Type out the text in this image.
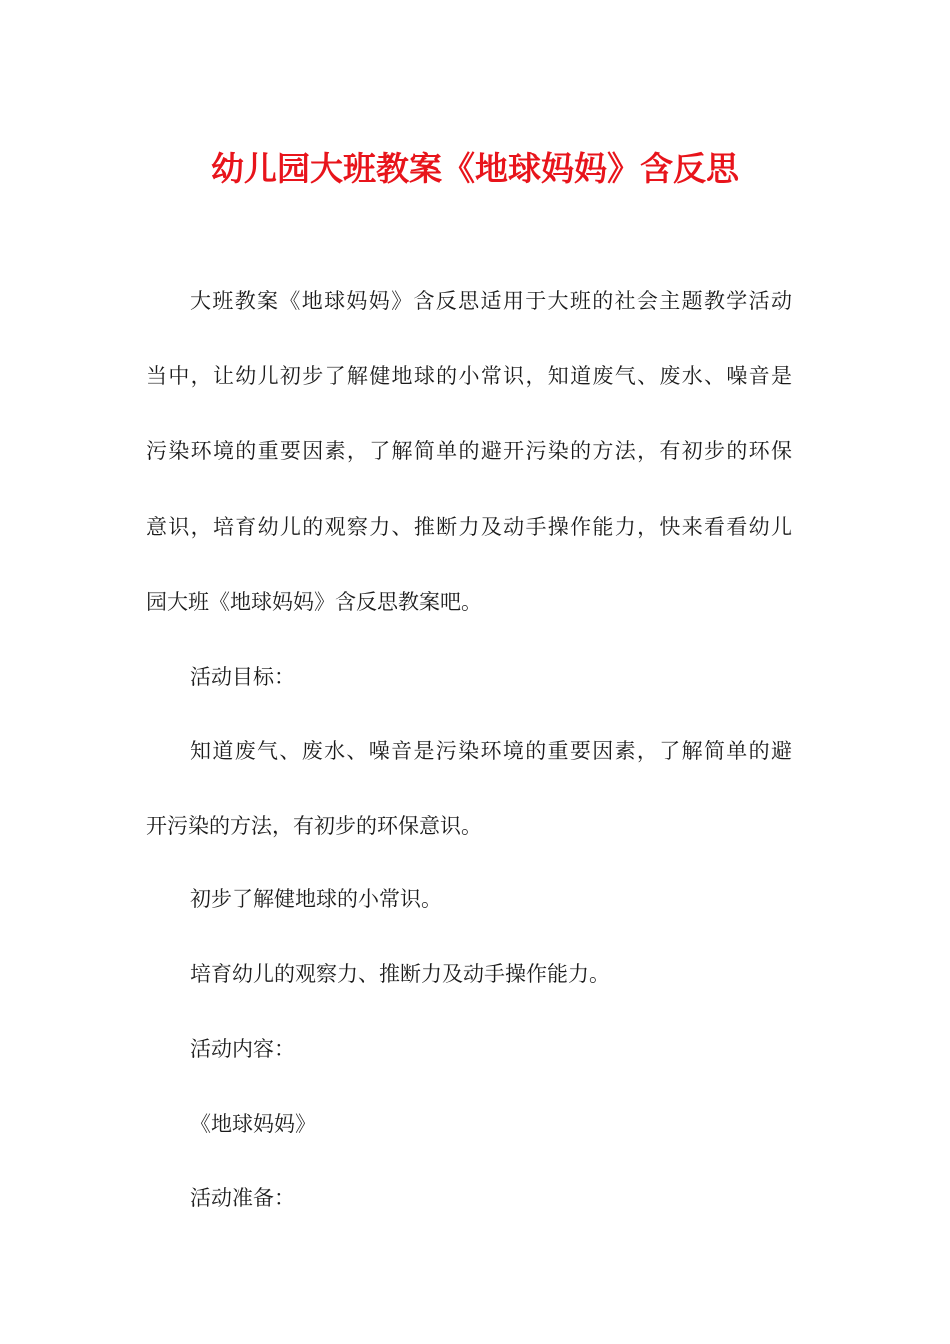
幼儿园大班教案《地球妈妈》含反思
大班教案《地球妈妈》含反思适用于大班的社会主题教学活动
当中，让幼儿初步了解健地球的小常识，知道废气、废水、噪音是
污染环境的重要因素，了解简单的避开污染的方法，有初步的环保
意识，培育幼儿的观察力、推断力及动手操作能力，快来看看幼儿
园大班《地球妈妈》含反思教案吧。
活动目标：
知道废气、废水、噪音是污染环境的重要因素，了解简单的避
开污染的方法，有初步的环保意识。
初步了解健地球的小常识。
培育幼儿的观察力、推断力及动手操作能力。
活动内容：
《地球妈妈》
活动准备：
